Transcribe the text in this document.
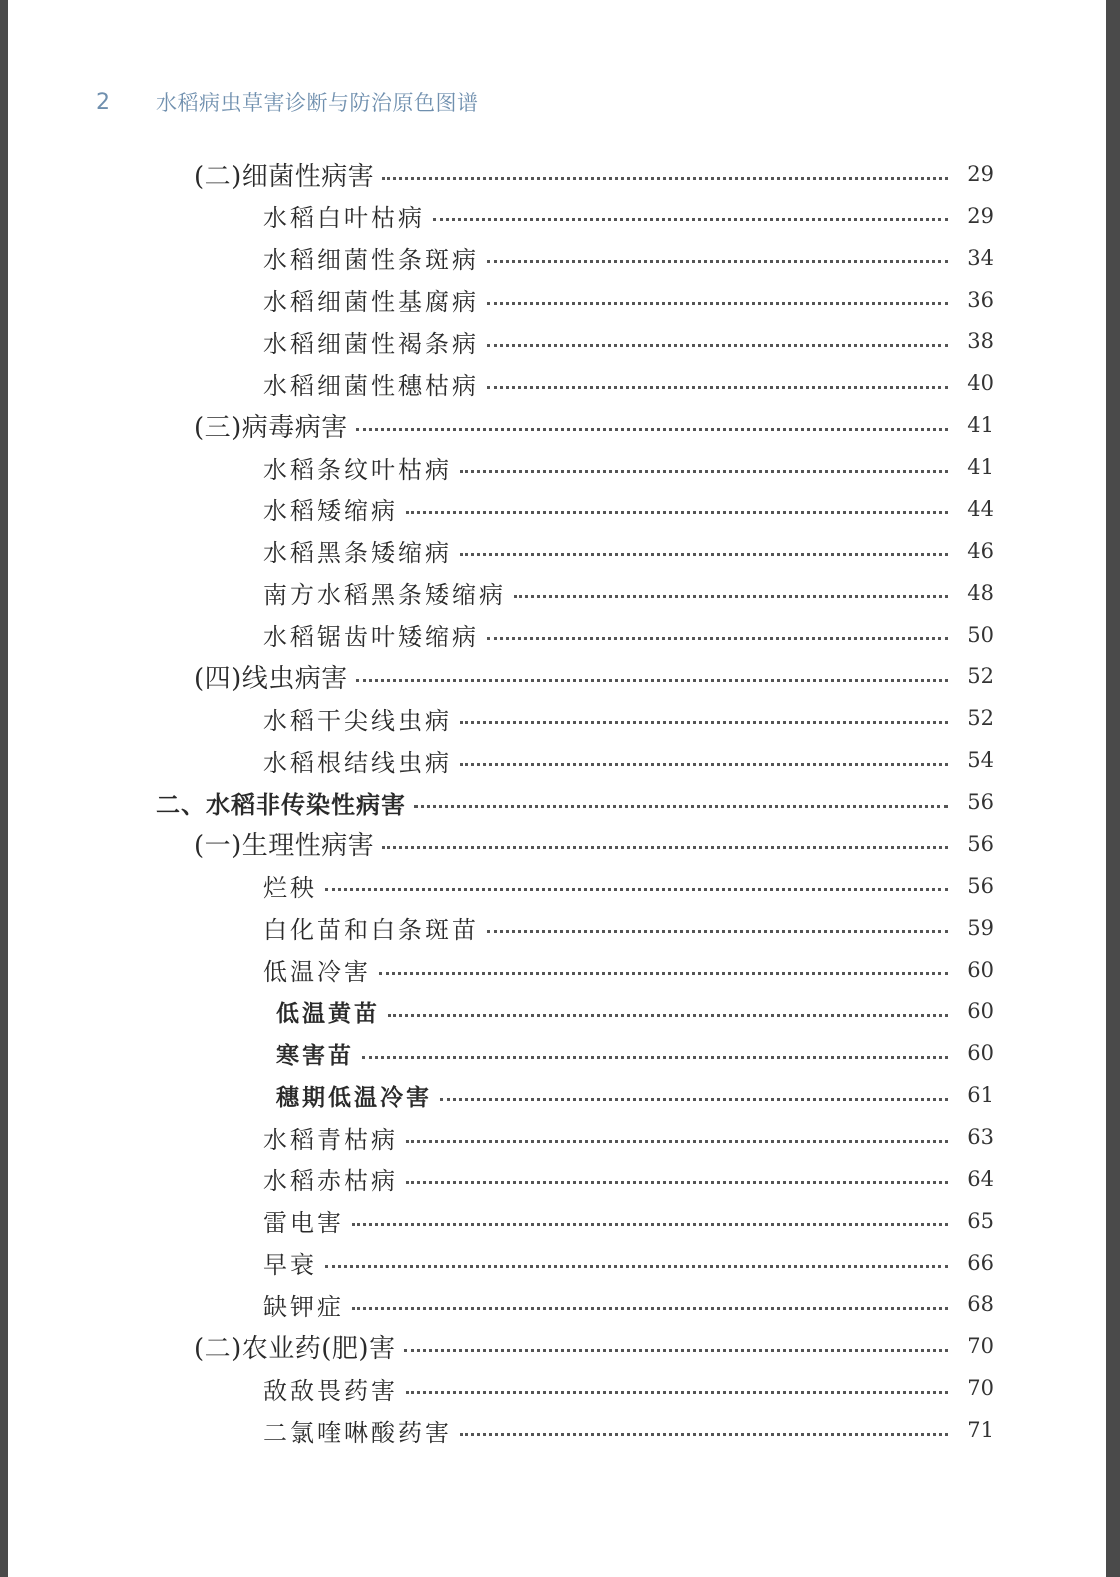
2	水稻病虫草害诊断与防治原色图谱
(二)细菌性病害	29
水稻白叶枯病	29
水稻细菌性条斑病	34
水稻细菌性基腐病	36
水稻细菌性褐条病	38
水稻细菌性穗枯病	40
(三)病毒病害	41
水稻条纹叶枯病	41
水稻矮缩病	44
水稻黑条矮缩病	46
南方水稻黑条矮缩病	48
水稻锯齿叶矮缩病	50
(四)线虫病害	52
水稻干尖线虫病	52
水稻根结线虫病	54
二、水稻非传染性病害	56
(一)生理性病害	56
烂秧	56
白化苗和白条斑苗	59
低温冷害	60
低温黄苗	60
寒害苗	60
穗期低温冷害	61
水稻青枯病	63
水稻赤枯病	64
雷电害	65
早衰	66
缺钾症	68
(二)农业药(肥)害	70
敌敌畏药害	70
二氯喹啉酸药害	71
